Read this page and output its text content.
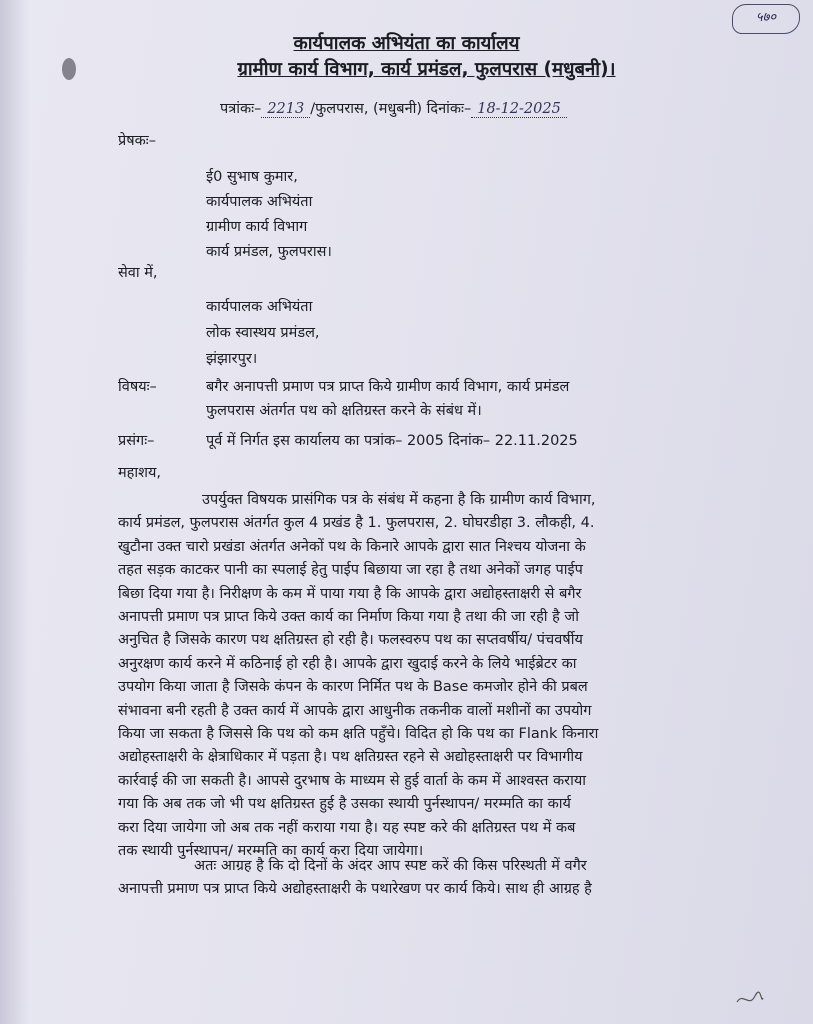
५७०
कार्यपालक अभियंता का कार्यालय
ग्रामीण कार्य विभाग, कार्य प्रमंडल, फुलपरास (मधुबनी)।
पत्रांकः– 2213 /फुलपरास, (मधुबनी) दिनांकः– 18-12-2025
प्रेषकः–
ई0 सुभाष कुमार,
कार्यपालक अभियंता
ग्रामीण कार्य विभाग
कार्य प्रमंडल, फुलपरास।
सेवा में,
कार्यपालक अभियंता
लोक स्वास्थय प्रमंडल,
झंझारपुर।
विषयः–	बगैर अनापत्ती प्रमाण पत्र प्राप्त किये ग्रामीण कार्य विभाग, कार्य प्रमंडल
फुलपरास अंतर्गत पथ को क्षतिग्रस्त करने के संबंध में।
प्रसंगः–	पूर्व में निर्गत इस कार्यालय का पत्रांक– 2005 दिनांक– 22.11.2025
महाशय,
उपर्युक्त विषयक प्रासंगिक पत्र के संबंध में कहना है कि ग्रामीण कार्य विभाग,
कार्य प्रमंडल, फुलपरास अंतर्गत कुल 4 प्रखंड है 1. फुलपरास, 2. घोघरडीहा 3. लौकही, 4.
खुटौना उक्त चारो प्रखंडा अंतर्गत अनेकों पथ के किनारे आपके द्वारा सात निश्चय योजना के
तहत सड़क काटकर पानी का स्पलाई हेतु पाईप बिछाया जा रहा है तथा अनेकों जगह पाईप
बिछा दिया गया है। निरीक्षण के कम में पाया गया है कि आपके द्वारा अद्योहस्ताक्षरी से बगैर
अनापत्ती प्रमाण पत्र प्राप्त किये उक्त कार्य का निर्माण किया गया है तथा की जा रही है जो
अनुचित है जिसके कारण पथ क्षतिग्रस्त हो रही है। फलस्वरुप पथ का सप्तवर्षीय/ पंचवर्षीय
अनुरक्षण कार्य करने में कठिनाई हो रही है। आपके द्वारा खुदाई करने के लिये भाईब्रेटर का
उपयोग किया जाता है जिसके कंपन के कारण निर्मित पथ के Base कमजोर होने की प्रबल
संभावना बनी रहती है उक्त कार्य में आपके द्वारा आधुनीक तकनीक वालों मशीनों का उपयोग
किया जा सकता है जिससे कि पथ को कम क्षति पहुँचे। विदित हो कि पथ का Flank किनारा
अद्योहस्ताक्षरी के क्षेत्राधिकार में पड़ता है। पथ क्षतिग्रस्त रहने से अद्योहस्ताक्षरी पर विभागीय
कार्रवाई की जा सकती है। आपसे दुरभाष के माध्यम से हुई वार्ता के कम में आश्वस्त कराया
गया कि अब तक जो भी पथ क्षतिग्रस्त हुई है उसका स्थायी पुर्नस्थापन/ मरम्मति का कार्य
करा दिया जायेगा जो अब तक नहीं कराया गया है। यह स्पष्ट करे की क्षतिग्रस्त पथ में कब
तक स्थायी पुर्नस्थापन/ मरम्मति का कार्य करा दिया जायेगा।
अतः आग्रह है कि दो दिनों के अंदर आप स्पष्ट करें की किस परिस्थती में वगैर
अनापत्ती प्रमाण पत्र प्राप्त किये अद्योहस्ताक्षरी के पथारेखण पर कार्य किये। साथ ही आग्रह है
